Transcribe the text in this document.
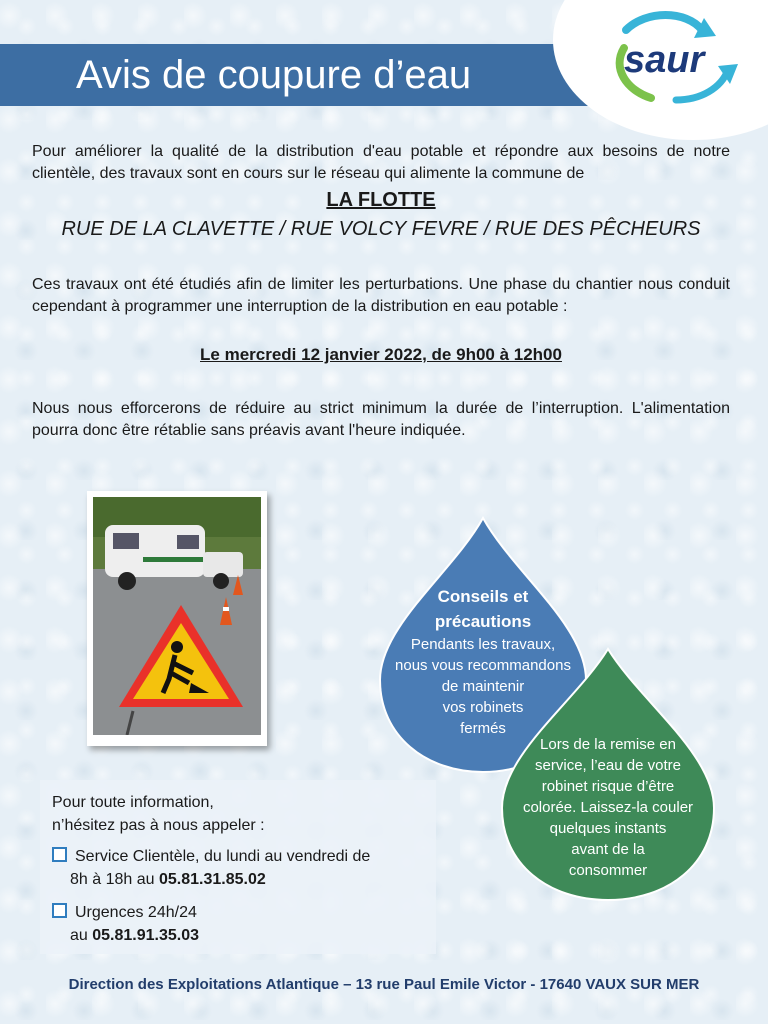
Avis de coupure d’eau	saur
Pour améliorer la qualité de la distribution d'eau potable et répondre aux besoins de notre clientèle, des travaux sont en cours sur le réseau qui alimente la commune de
LA FLOTTE
RUE DE LA CLAVETTE / RUE VOLCY FEVRE / RUE DES PÊCHEURS
Ces travaux ont été étudiés afin de limiter les perturbations. Une phase du chantier nous conduit cependant à programmer une interruption de la distribution en eau potable :
Le mercredi 12 janvier 2022, de 9h00 à 12h00
Nous nous efforcerons de réduire au strict minimum la durée de l’interruption. L'alimentation pourra donc être rétablie sans préavis avant l'heure indiquée.
Conseils et
précautions
Pendants les travaux,
nous vous recommandons
de maintenir
vos robinets
fermés
Lors de la remise en
service, l’eau de votre
robinet risque d’être
colorée. Laissez-la couler
quelques instants
avant de la
consommer
Pour toute information,
n’hésitez pas à nous appeler :
Service Clientèle, du lundi au vendredi de
8h à 18h au 05.81.31.85.02
Urgences 24h/24
au 05.81.91.35.03
Direction des Exploitations Atlantique – 13 rue Paul Emile Victor - 17640 VAUX SUR MER
